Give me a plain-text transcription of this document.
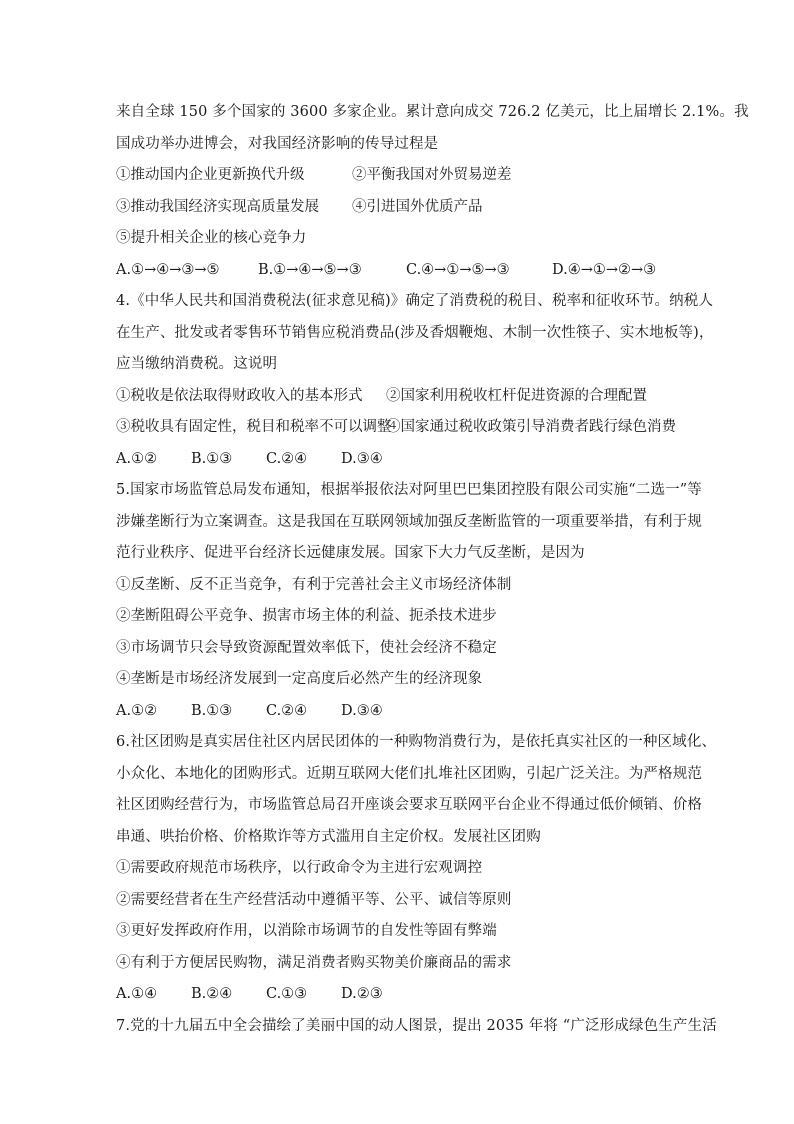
来自全球 150 多个国家的 3600 多家企业。累计意向成交 726.2 亿美元，比上届增长 2.1%。我
国成功举办进博会，对我国经济影响的传导过程是
①推动国内企业更新换代升级	②平衡我国对外贸易逆差
③推动我国经济实现高质量发展	④引进国外优质产品
⑤提升相关企业的核心竞争力
A.①→④→③→⑤	B.①→④→⑤→③	C.④→①→⑤→③	D.④→①→②→③
4.《中华人民共和国消费税法(征求意见稿)》确定了消费税的税目、税率和征收环节。纳税人
在生产、批发或者零售环节销售应税消费品(涉及香烟鞭炮、木制一次性筷子、实木地板等)，
应当缴纳消费税。这说明
①税收是依法取得财政收入的基本形式	②国家利用税收杠杆促进资源的合理配置
③税收具有固定性，税目和税率不可以调整
④国家通过税收政策引导消费者践行绿色消费
A.①②	B.①③	C.②④	D.③④
5.国家市场监管总局发布通知，根据举报依法对阿里巴巴集团控股有限公司实施“二选一”等
涉嫌垄断行为立案调查。这是我国在互联网领域加强反垄断监管的一项重要举措，有利于规
范行业秩序、促进平台经济长远健康发展。国家下大力气反垄断，是因为
①反垄断、反不正当竞争，有利于完善社会主义市场经济体制
②垄断阻碍公平竞争、损害市场主体的利益、扼杀技术进步
③市场调节只会导致资源配置效率低下，使社会经济不稳定
④垄断是市场经济发展到一定高度后必然产生的经济现象
A.①②	B.①③	C.②④	D.③④
6.社区团购是真实居住社区内居民团体的一种购物消费行为，是依托真实社区的一种区域化、
小众化、本地化的团购形式。近期互联网大佬们扎堆社区团购，引起广泛关注。为严格规范
社区团购经营行为，市场监管总局召开座谈会要求互联网平台企业不得通过低价倾销、价格
串通、哄抬价格、价格欺诈等方式滥用自主定价权。发展社区团购
①需要政府规范市场秩序，以行政命令为主进行宏观调控
②需要经营者在生产经营活动中遵循平等、公平、诚信等原则
③更好发挥政府作用，以消除市场调节的自发性等固有弊端
④有利于方便居民购物，满足消费者购买物美价廉商品的需求
A.①④	B.②④	C.①③	D.②③
7.党的十九届五中全会描绘了美丽中国的动人图景，提出 2035 年将 “广泛形成绿色生产生活
